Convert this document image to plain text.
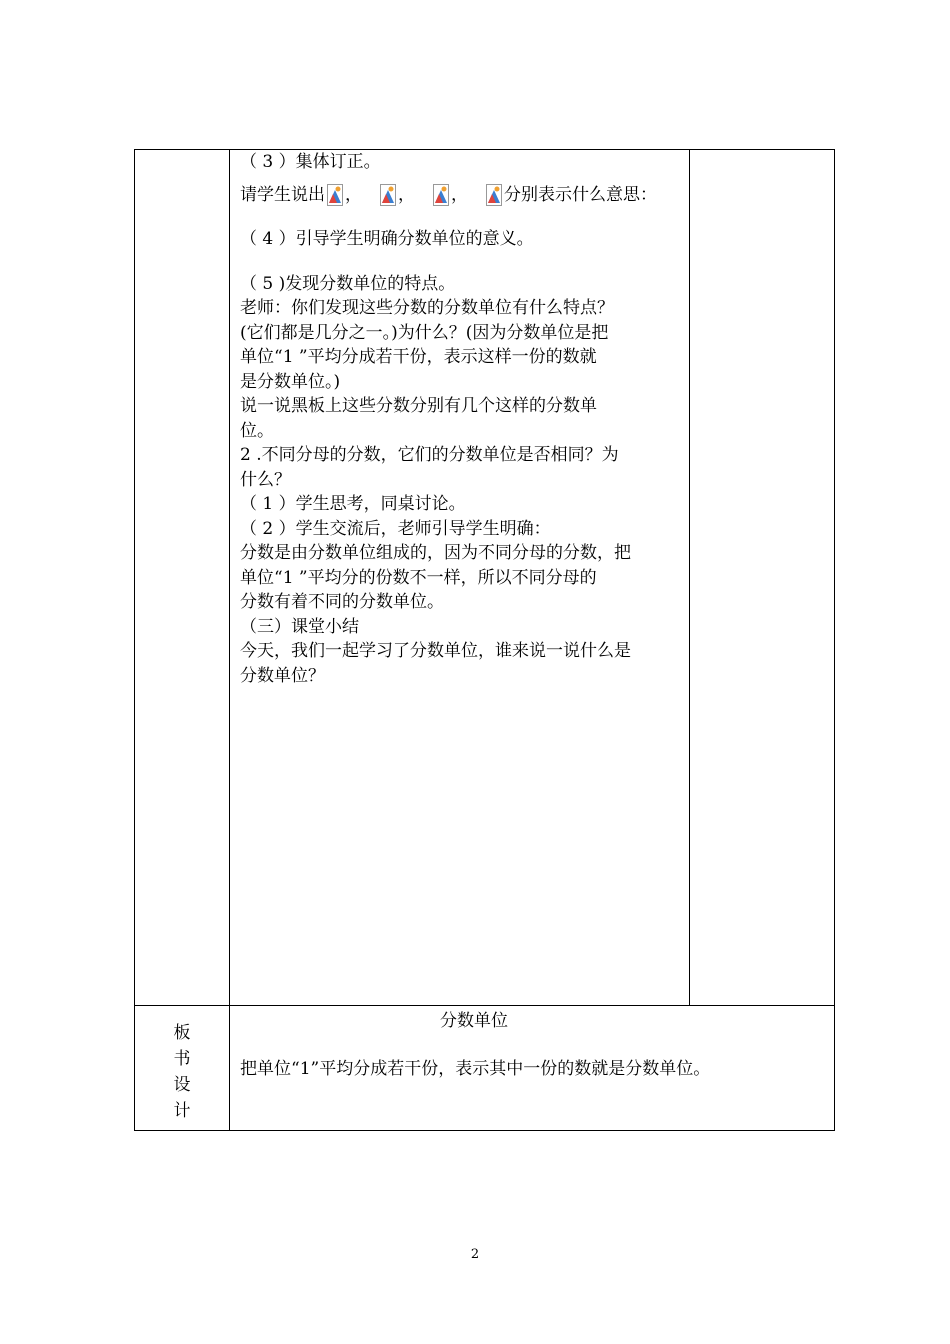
（ 3 ）集体订正。

请学生说出 ， ， ， 分别表示什么意思：

（ 4 ）引导学生明确分数单位的意义。

（ 5 )发现分数单位的特点。

老师：你们发现这些分数的分数单位有什么特点？

(它们都是几分之一。)为什么？(因为分数单位是把

单位“1 ”平均分成若干份，表示这样一份的数就

是分数单位。)

说一说黑板上这些分数分别有几个这样的分数单

位。

2 .不同分母的分数，它们的分数单位是否相同？为

什么？

（ 1 ）学生思考，同桌讨论。

（ 2 ）学生交流后，老师引导学生明确：

分数是由分数单位组成的，因为不同分母的分数，把

单位“1 ”平均分的份数不一样，所以不同分母的

分数有着不同的分数单位。

（三）课堂小结

今天，我们一起学习了分数单位，谁来说一说什么是

分数单位？

板
书
设
计
分数单位
把单位“1”平均分成若干份，表示其中一份的数就是分数单位。
2
